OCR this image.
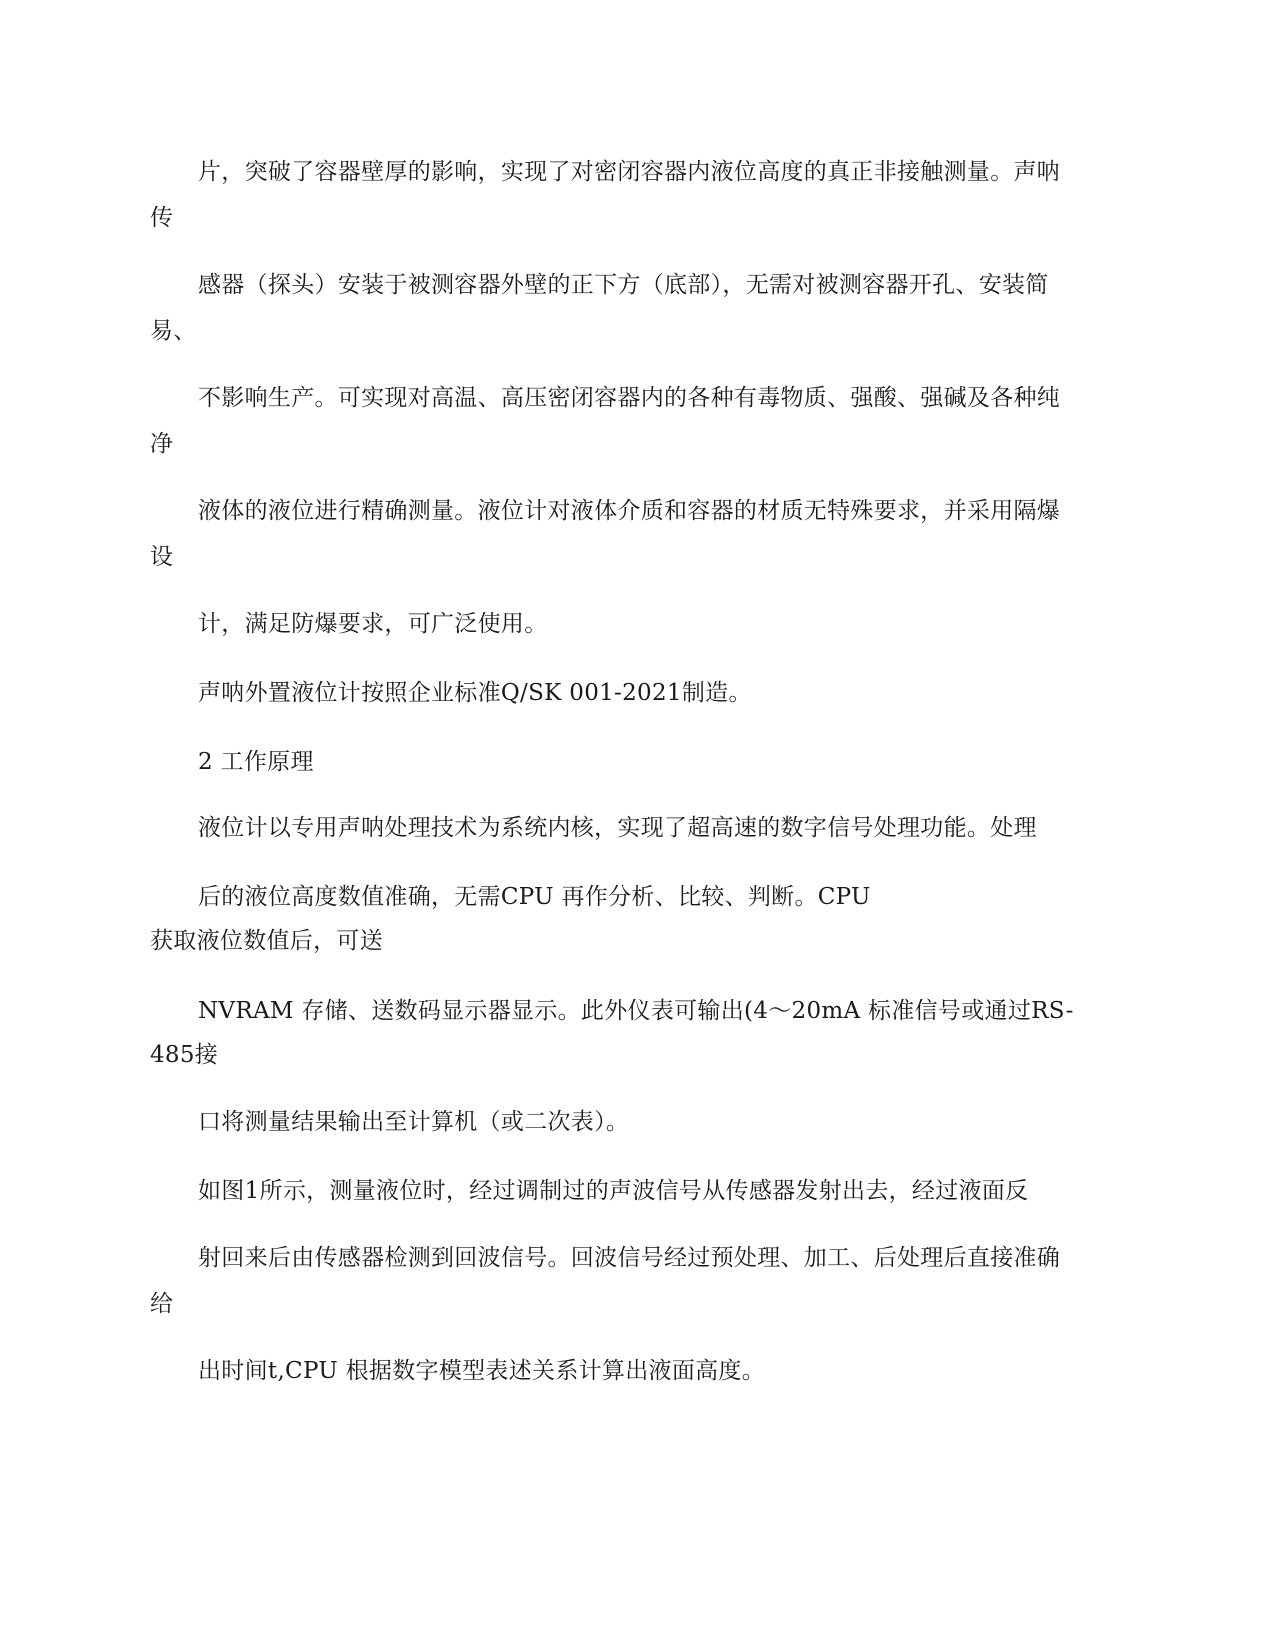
片，突破了容器壁厚的影响，实现了对密闭容器内液位高度的真正非接触测量。声呐
传
感器（探头）安装于被测容器外壁的正下方（底部），无需对被测容器开孔、安装简
易、
不影响生产。可实现对高温、高压密闭容器内的各种有毒物质、强酸、强碱及各种纯
净
液体的液位进行精确测量。液位计对液体介质和容器的材质无特殊要求，并采用隔爆
设
计，满足防爆要求，可广泛使用。
声呐外置液位计按照企业标准Q/SK 001-2021制造。
2 工作原理
液位计以专用声呐处理技术为系统内核，实现了超高速的数字信号处理功能。处理
后的液位高度数值准确，无需CPU 再作分析、比较、判断。CPU
获取液位数值后，可送
NVRAM 存储、送数码显示器显示。此外仪表可输出(4～20mA 标准信号或通过RS-
485接
口将测量结果输出至计算机（或二次表）。
如图1所示，测量液位时，经过调制过的声波信号从传感器发射出去，经过液面反
射回来后由传感器检测到回波信号。回波信号经过预处理、加工、后处理后直接准确
给
出时间t,CPU 根据数字模型表述关系计算出液面高度。
